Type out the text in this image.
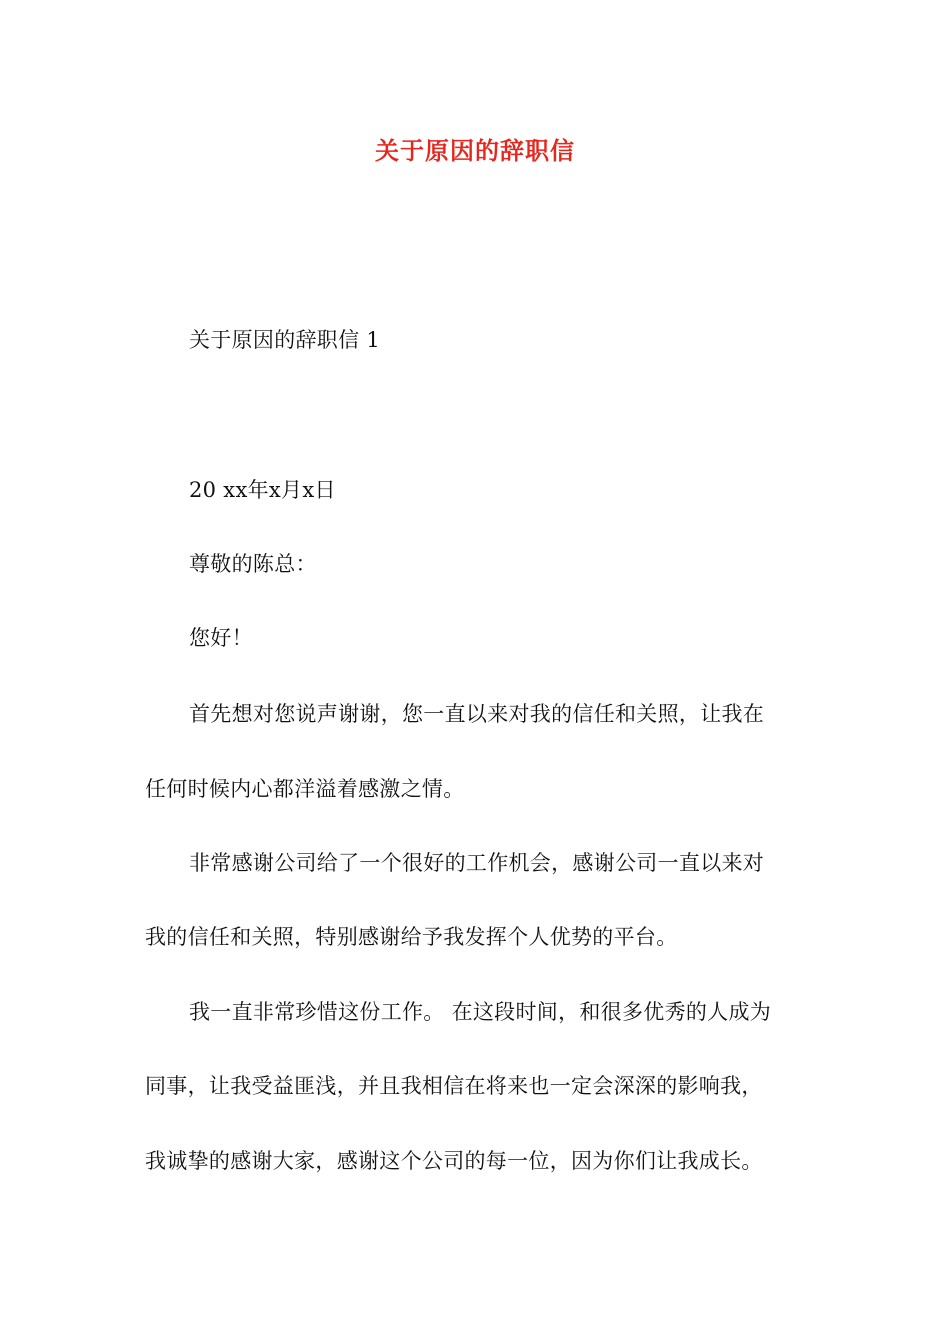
关于原因的辞职信
关于原因的辞职信 1
20 xx年x月x日
尊敬的陈总：
您好！
首先想对您说声谢谢，您一直以来对我的信任和关照，让我在
任何时候内心都洋溢着感激之情。
非常感谢公司给了一个很好的工作机会，感谢公司一直以来对
我的信任和关照，特别感谢给予我发挥个人优势的平台。
我一直非常珍惜这份工作。 在这段时间，和很多优秀的人成为
同事，让我受益匪浅，并且我相信在将来也一定会深深的影响我，
我诚挚的感谢大家，感谢这个公司的每一位，因为你们让我成长。
